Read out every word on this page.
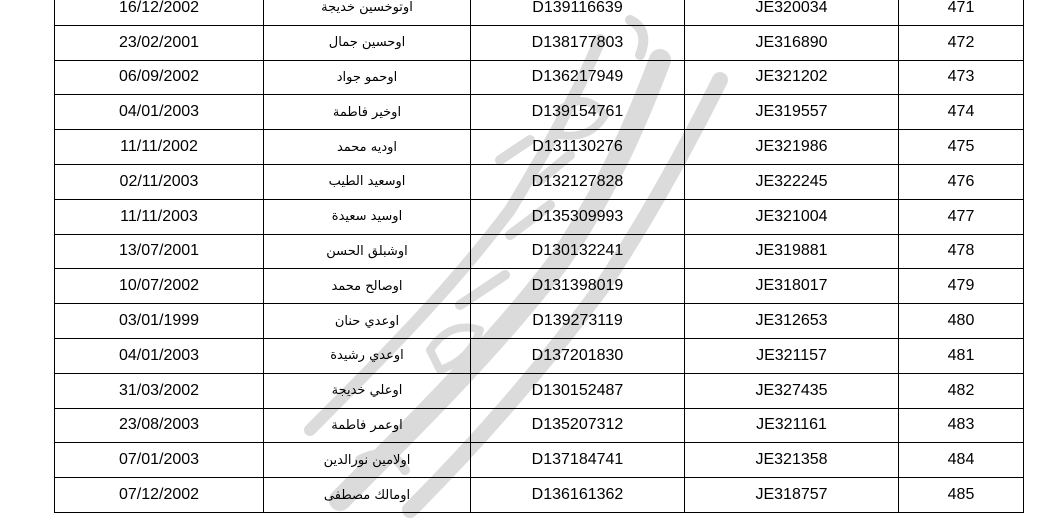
16/12/2002	اوتوخسين خديجة	D139116639	JE320034	471
23/02/2001	اوحسين جمال	D138177803	JE316890	472
06/09/2002	اوحمو جواد	D136217949	JE321202	473
04/01/2003	اوخير فاطمة	D139154761	JE319557	474
11/11/2002	اوديه محمد	D131130276	JE321986	475
02/11/2003	اوسعيد الطيب	D132127828	JE322245	476
11/11/2003	اوسيد سعيدة	D135309993	JE321004	477
13/07/2001	اوشبلق الحسن	D130132241	JE319881	478
10/07/2002	اوصالح محمد	D131398019	JE318017	479
03/01/1999	اوعدي حنان	D139273119	JE312653	480
04/01/2003	اوعدي رشيدة	D137201830	JE321157	481
31/03/2002	اوعلي خديجة	D130152487	JE327435	482
23/08/2003	اوعمر فاطمة	D135207312	JE321161	483
07/01/2003	اولامين نورالدين	D137184741	JE321358	484
07/12/2002	اومالك مصطفى	D136161362	JE318757	485
